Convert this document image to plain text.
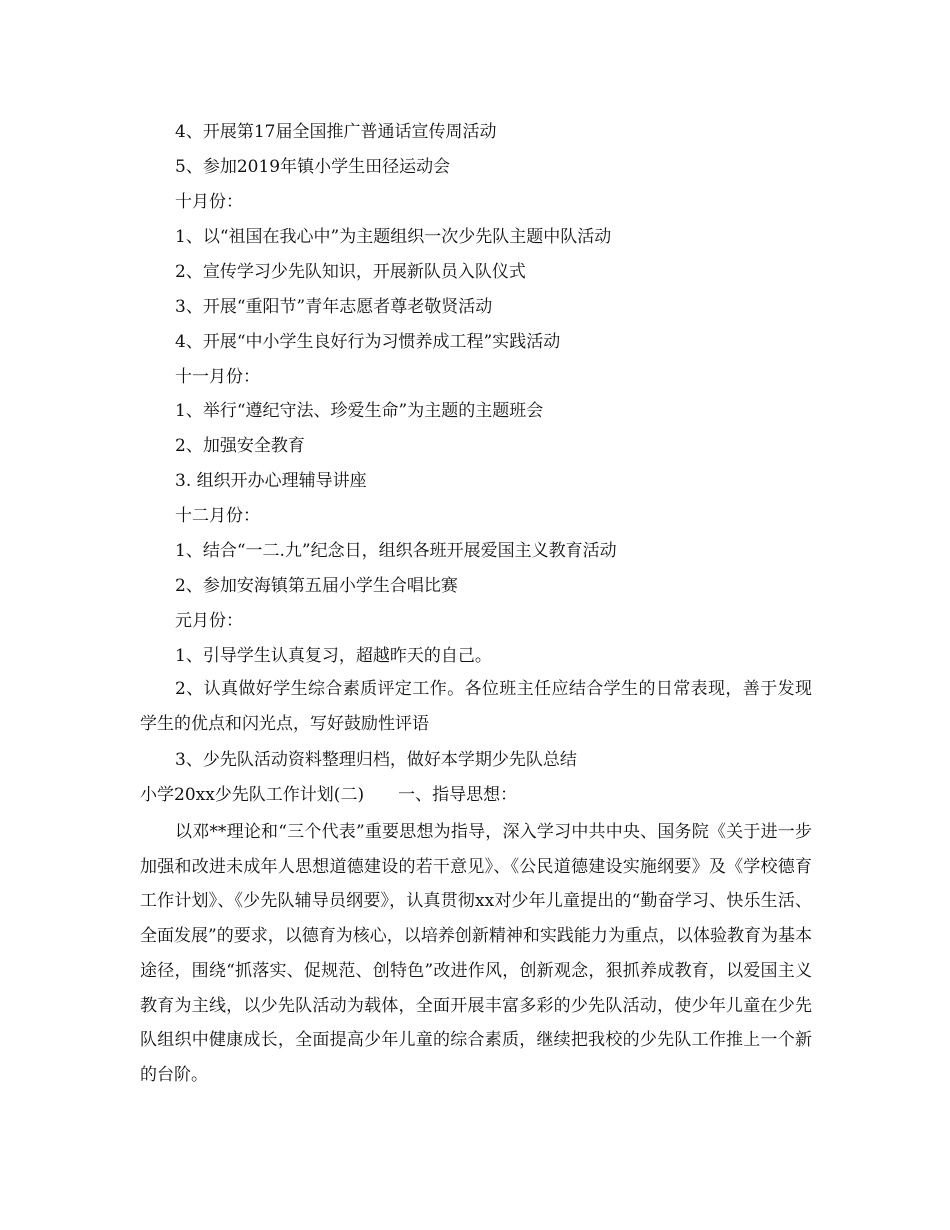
4、开展第17届全国推广普通话宣传周活动
5、参加2019年镇小学生田径运动会
十月份：
1、以“祖国在我心中”为主题组织一次少先队主题中队活动
2、宣传学习少先队知识，开展新队员入队仪式
3、开展“重阳节”青年志愿者尊老敬贤活动
4、开展“中小学生良好行为习惯养成工程”实践活动
十一月份：
1、举行“遵纪守法、珍爱生命”为主题的主题班会
2、加强安全教育
3. 组织开办心理辅导讲座
十二月份：
1、结合“一二.九”纪念日，组织各班开展爱国主义教育活动
2、参加安海镇第五届小学生合唱比赛
元月份：
1、引导学生认真复习，超越昨天的自己。
2、认真做好学生综合素质评定工作。各位班主任应结合学生的日常表现，善于发现学生的优点和闪光点，写好鼓励性评语
3、少先队活动资料整理归档，做好本学期少先队总结
小学20xx少先队工作计划(二)　　一、指导思想：
以邓**理论和“三个代表”重要思想为指导，深入学习中共中央、国务院《关于进一步加强和改进未成年人思想道德建设的若干意见》、《公民道德建设实施纲要》及《学校德育工作计划》、《少先队辅导员纲要》，认真贯彻xx对少年儿童提出的“勤奋学习、快乐生活、全面发展”的要求，以德育为核心，以培养创新精神和实践能力为重点，以体验教育为基本途径，围绕“抓落实、促规范、创特色”改进作风，创新观念，狠抓养成教育，以爱国主义教育为主线，以少先队活动为载体，全面开展丰富多彩的少先队活动，使少年儿童在少先队组织中健康成长，全面提高少年儿童的综合素质，继续把我校的少先队工作推上一个新的台阶。
